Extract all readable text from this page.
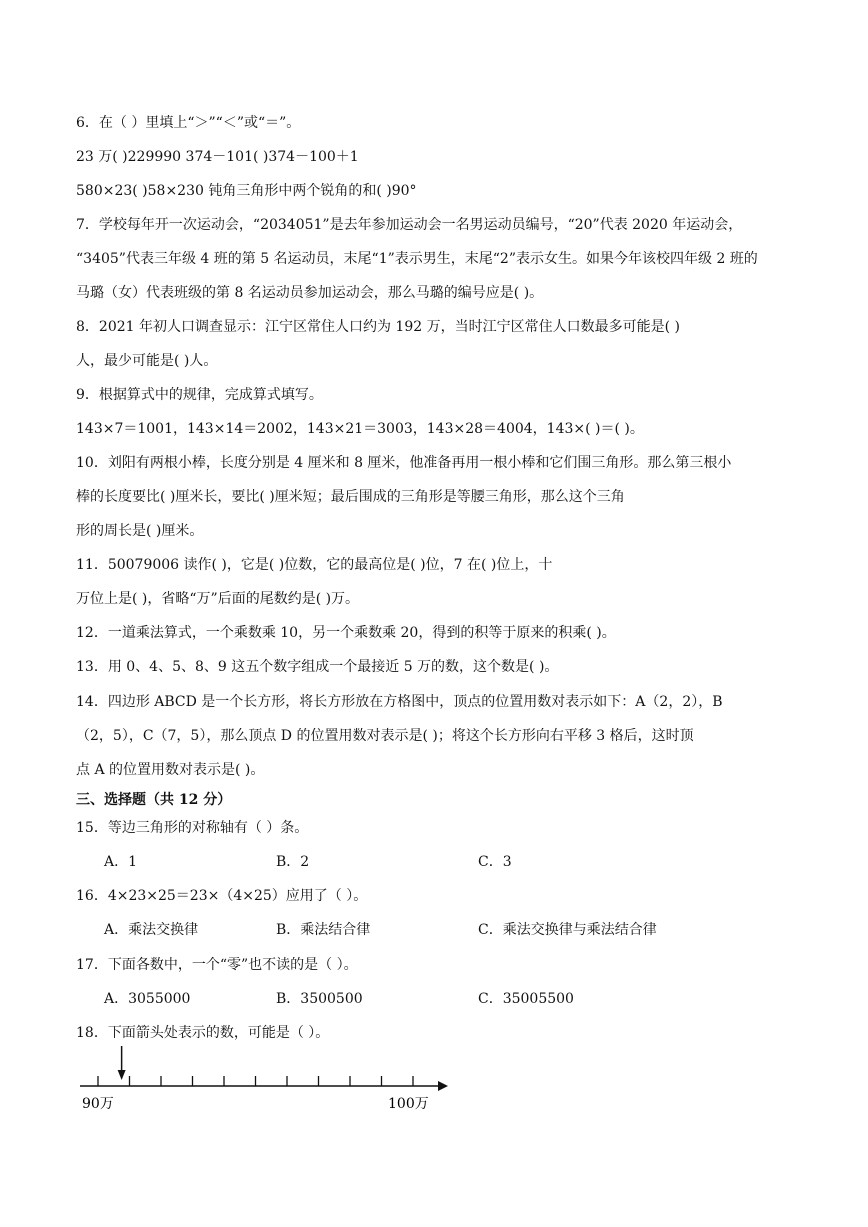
6．在（ ）里填上“＞”“＜”或“＝”。
23 万( )229990 374－101( )374－100＋1
580×23( )58×230 钝角三角形中两个锐角的和( )90°
7．学校每年开一次运动会，“2034051”是去年参加运动会一名男运动员编号，“20”代表 2020 年运动会，
“3405”代表三年级 4 班的第 5 名运动员，末尾“1”表示男生，末尾“2”表示女生。如果今年该校四年级 2 班的
马璐（女）代表班级的第 8 名运动员参加运动会，那么马璐的编号应是( )。
8．2021 年初人口调查显示：江宁区常住人口约为 192 万，当时江宁区常住人口数最多可能是( )
人，最少可能是( )人。
9．根据算式中的规律，完成算式填写。
143×7＝1001，143×14＝2002，143×21＝3003，143×28＝4004，143×( )＝( )。
10．刘阳有两根小棒，长度分别是 4 厘米和 8 厘米，他准备再用一根小棒和它们围三角形。那么第三根小
棒的长度要比( )厘米长，要比( )厘米短；最后围成的三角形是等腰三角形，那么这个三角
形的周长是( )厘米。
11．50079006 读作( )，它是( )位数，它的最高位是( )位，7 在( )位上，十
万位上是( )，省略“万”后面的尾数约是( )万。
12．一道乘法算式，一个乘数乘 10，另一个乘数乘 20，得到的积等于原来的积乘( )。
13．用 0、4、5、8、9 这五个数字组成一个最接近 5 万的数，这个数是( )。
14．四边形 ABCD 是一个长方形，将长方形放在方格图中，顶点的位置用数对表示如下：A（2，2），B
（2，5），C（7，5），那么顶点 D 的位置用数对表示是( )；将这个长方形向右平移 3 格后，这时顶
点 A 的位置用数对表示是( )。
三、选择题（共 12 分）
15．等边三角形的对称轴有（ ）条。
A．1	B．2	C．3
16．4×23×25＝23×（4×25）应用了（ ）。
A．乘法交换律	B．乘法结合律	C．乘法交换律与乘法结合律
17．下面各数中，一个“零”也不读的是（ ）。
A．3055000	B．3500500	C．35005500
18．下面箭头处表示的数，可能是（ ）。
90万	100万
